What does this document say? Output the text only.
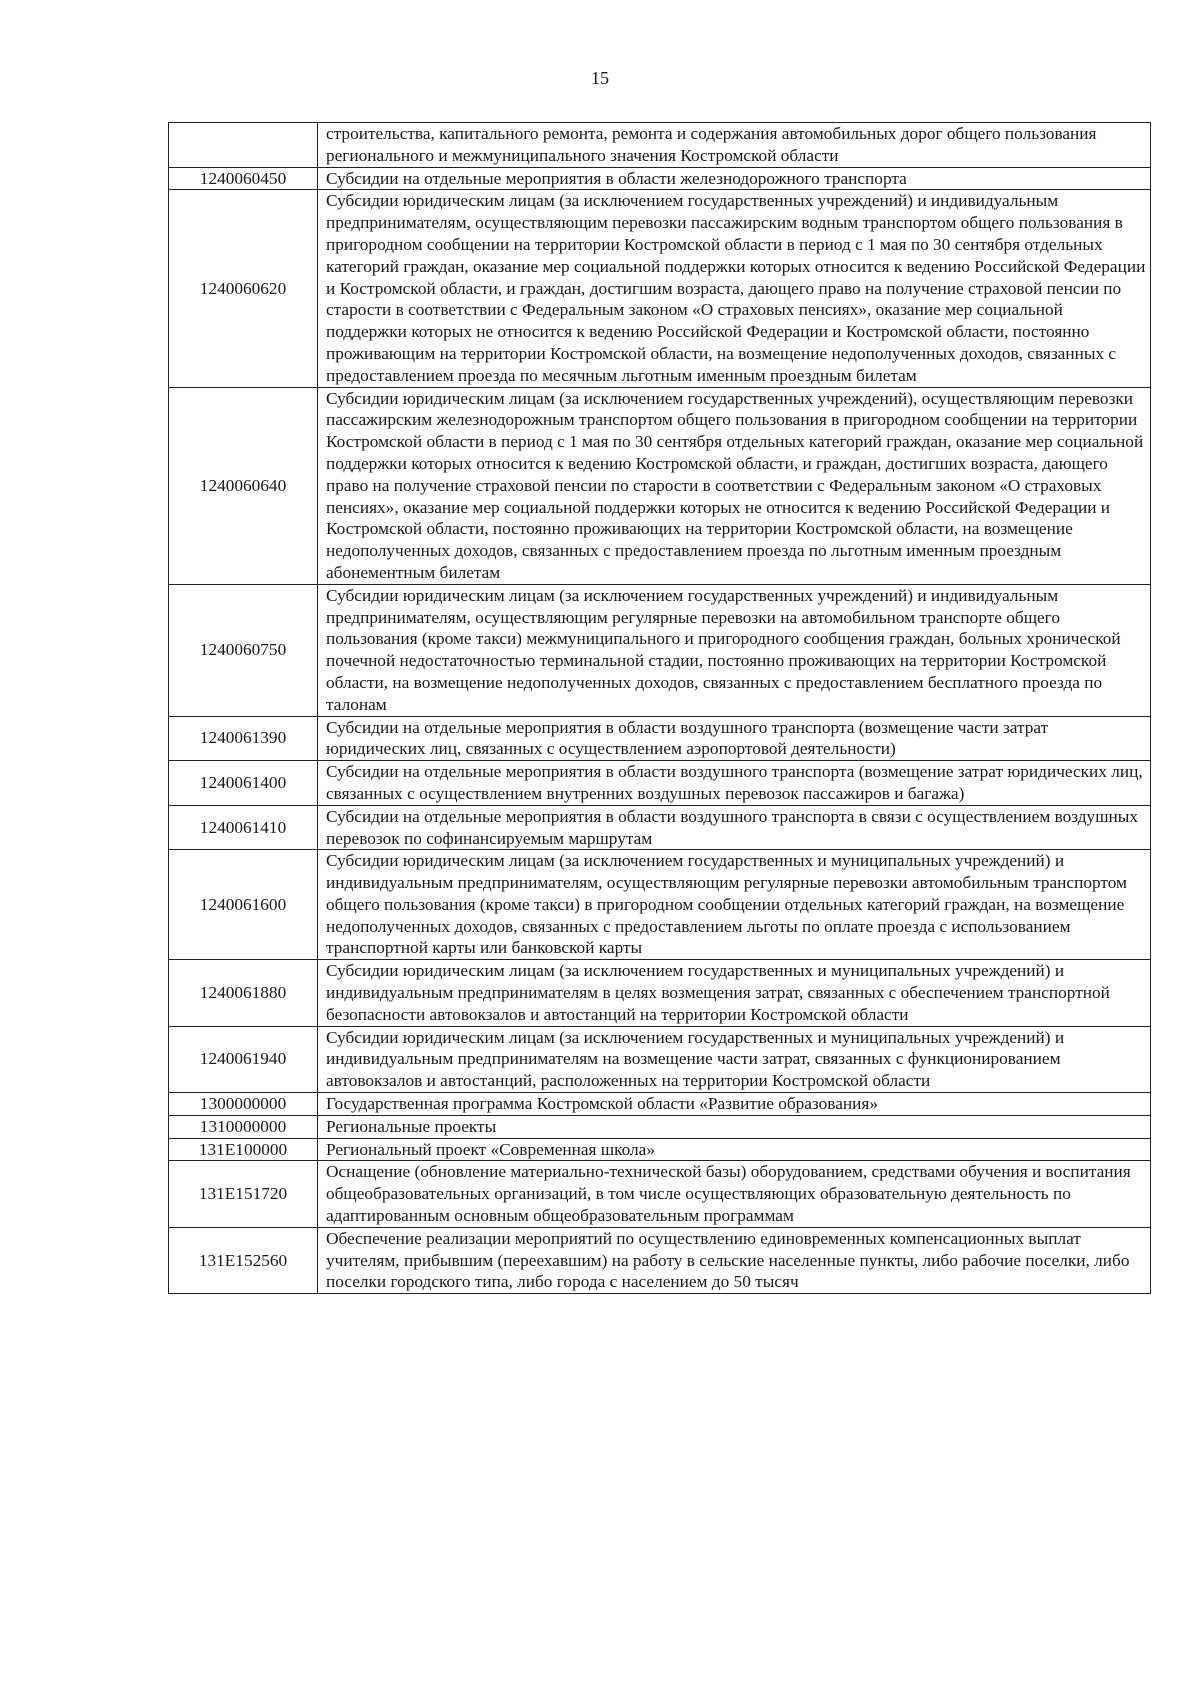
15
	строительства, капитального ремонта, ремонта и содержания автомобильных дорог общего пользования регионального и межмуниципального значения Костромской области
1240060450	Субсидии на отдельные мероприятия в области железнодорожного транспорта
1240060620	Субсидии юридическим лицам (за исключением государственных учреждений) и индивидуальным предпринимателям, осуществляющим перевозки пассажирским водным транспортом общего пользования в пригородном сообщении на территории Костромской области в период с 1 мая по 30 сентября отдельных категорий граждан, оказание мер социальной поддержки которых относится к ведению Российской Федерации и Костромской области, и граждан, достигшим возраста, дающего право на получение страховой пенсии по старости в соответствии с Федеральным законом «О страховых пенсиях», оказание мер социальной поддержки которых не относится к ведению Российской Федерации и Костромской области, постоянно проживающим на территории Костромской области, на возмещение недополученных доходов, связанных с предоставлением проезда по месячным льготным именным проездным билетам
1240060640	Субсидии юридическим лицам (за исключением государственных учреждений), осуществляющим перевозки пассажирским железнодорожным транспортом общего пользования в пригородном сообщении на территории Костромской области в период с 1 мая по 30 сентября отдельных категорий граждан, оказание мер социальной поддержки которых относится к ведению Костромской области, и граждан, достигших возраста, дающего право на получение страховой пенсии по старости в соответствии с Федеральным законом «О страховых пенсиях», оказание мер социальной поддержки которых не относится к ведению Российской Федерации и Костромской области, постоянно проживающих на территории Костромской области, на возмещение недополученных доходов, связанных с предоставлением проезда по льготным именным проездным абонементным билетам
1240060750	Субсидии юридическим лицам (за исключением государственных учреждений) и индивидуальным предпринимателям, осуществляющим регулярные перевозки на автомобильном транспорте общего пользования (кроме такси) межмуниципального и пригородного сообщения граждан, больных хронической почечной недостаточностью терминальной стадии, постоянно проживающих на территории Костромской области, на возмещение недополученных доходов, связанных с предоставлением бесплатного проезда по талонам
1240061390	Субсидии на отдельные мероприятия в области воздушного транспорта (возмещение части затрат юридических лиц, связанных с осуществлением аэропортовой деятельности)
1240061400	Субсидии на отдельные мероприятия в области воздушного транспорта (возмещение затрат юридических лиц, связанных с осуществлением внутренних воздушных перевозок пассажиров и багажа)
1240061410	Субсидии на отдельные мероприятия в области воздушного транспорта в связи с осуществлением воздушных перевозок по софинансируемым маршрутам
1240061600	Субсидии юридическим лицам (за исключением государственных и муниципальных учреждений) и индивидуальным предпринимателям, осуществляющим регулярные перевозки автомобильным транспортом общего пользования (кроме такси) в пригородном сообщении отдельных категорий граждан, на возмещение недополученных доходов, связанных с предоставлением льготы по оплате проезда с использованием транспортной карты или банковской карты
1240061880	Субсидии юридическим лицам (за исключением государственных и муниципальных учреждений) и индивидуальным предпринимателям в целях возмещения затрат, связанных с обеспечением транспортной безопасности автовокзалов и автостанций на территории Костромской области
1240061940	Субсидии юридическим лицам (за исключением государственных и муниципальных учреждений) и индивидуальным предпринимателям на возмещение части затрат, связанных с функционированием автовокзалов и автостанций, расположенных на территории Костромской области
1300000000	Государственная программа Костромской области «Развитие образования»
1310000000	Региональные проекты
131E100000	Региональный проект «Современная школа»
131E151720	Оснащение (обновление материально-технической базы) оборудованием, средствами обучения и воспитания общеобразовательных организаций, в том числе осуществляющих образовательную деятельность по адаптированным основным общеобразовательным программам
131E152560	Обеспечение реализации мероприятий по осуществлению единовременных компенсационных выплат учителям, прибывшим (переехавшим) на работу в сельские населенные пункты, либо рабочие поселки, либо поселки городского типа, либо города с населением до 50 тысяч
